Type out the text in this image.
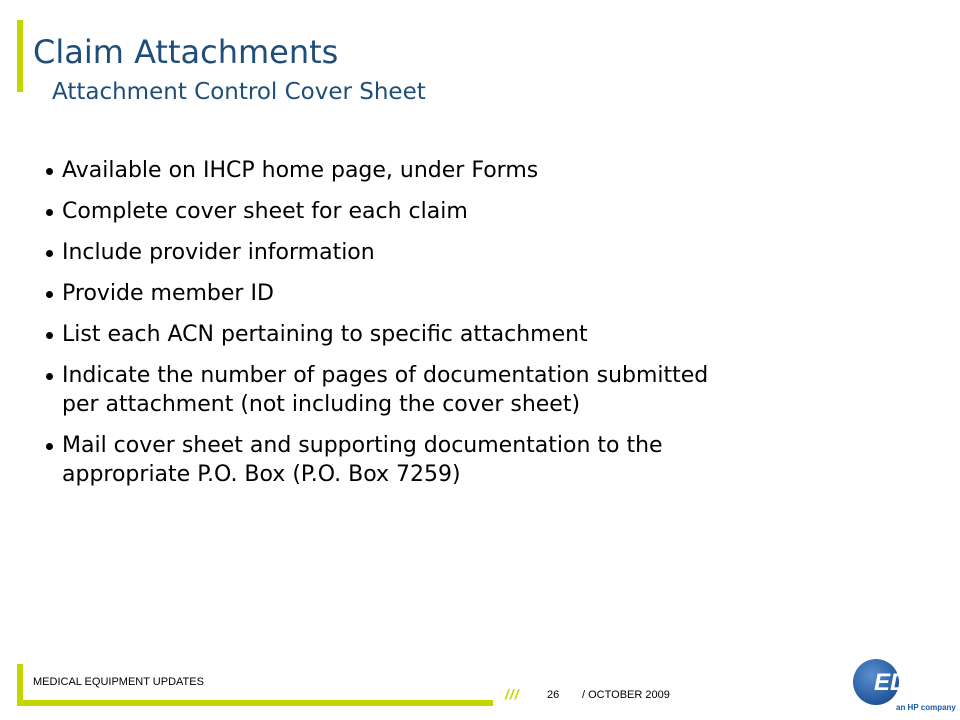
Claim Attachments
Attachment Control Cover Sheet
Available on IHCP home page, under Forms
Complete cover sheet for each claim
Include provider information
Provide member ID
List each ACN pertaining to specific attachment
Indicate the number of pages of documentation submitted per attachment (not including the cover sheet)
Mail cover sheet and supporting documentation to the appropriate P.O. Box (P.O. Box 7259)
MEDICAL EQUIPMENT UPDATES
/// 26 / OCTOBER 2009	EDS
an HP company
